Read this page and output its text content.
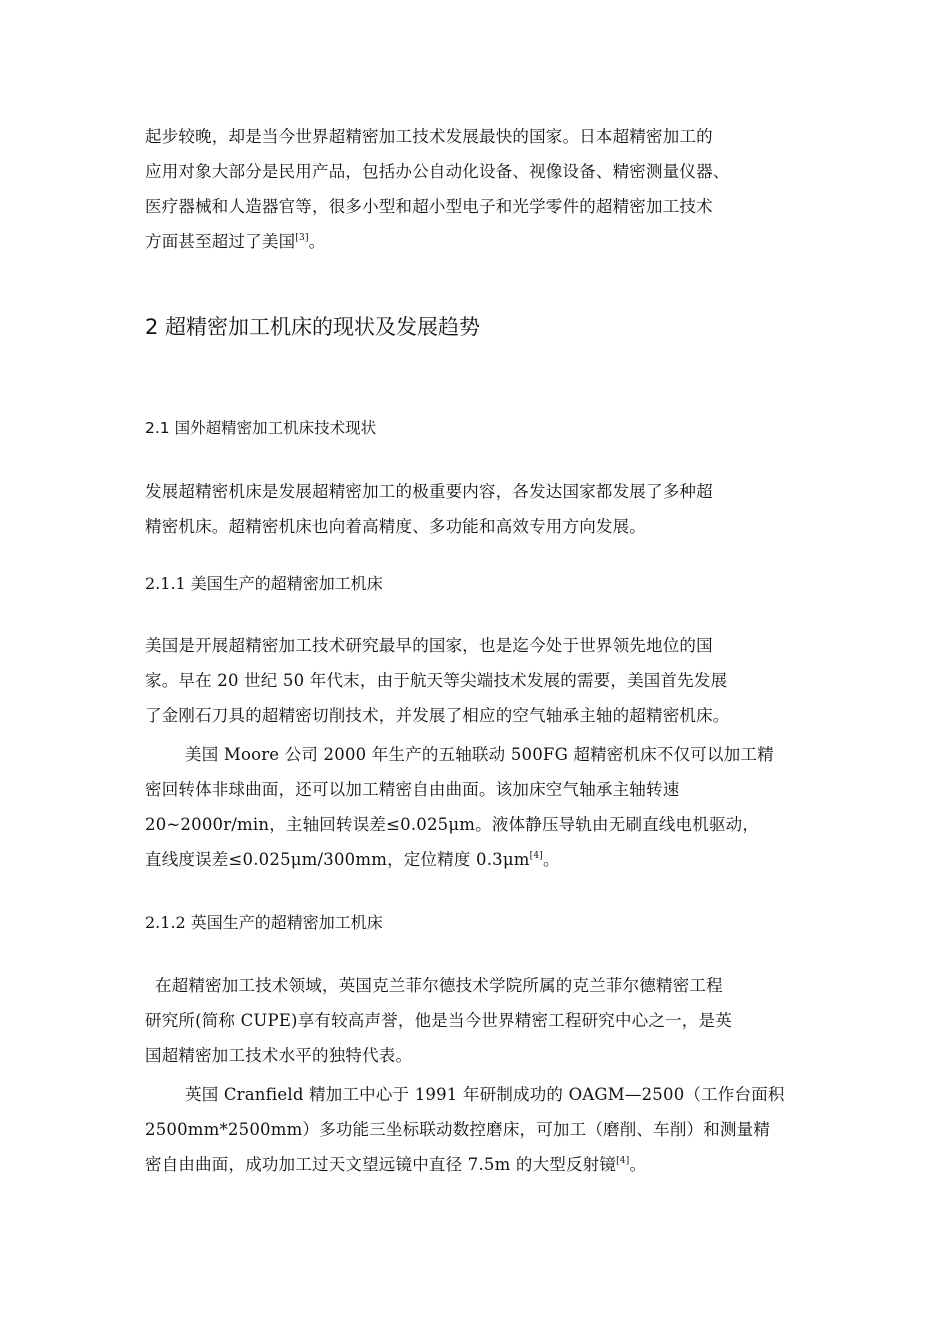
起步较晚，却是当今世界超精密加工技术发展最快的国家。日本超精密加工的
应用对象大部分是民用产品，包括办公自动化设备、视像设备、精密测量仪器、
医疗器械和人造器官等，很多小型和超小型电子和光学零件的超精密加工技术
方面甚至超过了美国[3]。
2 超精密加工机床的现状及发展趋势
2.1 国外超精密加工机床技术现状
发展超精密机床是发展超精密加工的极重要内容，各发达国家都发展了多种超
精密机床。超精密机床也向着高精度、多功能和高效专用方向发展。
2.1.1 美国生产的超精密加工机床
美国是开展超精密加工技术研究最早的国家，也是迄今处于世界领先地位的国
家。早在 20 世纪 50 年代末，由于航天等尖端技术发展的需要，美国首先发展
了金刚石刀具的超精密切削技术，并发展了相应的空气轴承主轴的超精密机床。
美国 Moore 公司 2000 年生产的五轴联动 500FG 超精密机床不仅可以加工精
密回转体非球曲面，还可以加工精密自由曲面。该加床空气轴承主轴转速
20~2000r/min，主轴回转误差≤0.025μm。液体静压导轨由无刷直线电机驱动，
直线度误差≤0.025μm/300mm，定位精度 0.3μm[4]。
2.1.2 英国生产的超精密加工机床
在超精密加工技术领域，英国克兰菲尔德技术学院所属的克兰菲尔德精密工程
研究所(简称 CUPE)享有较高声誉，他是当今世界精密工程研究中心之一，是英
国超精密加工技术水平的独特代表。
英国 Cranfield 精加工中心于 1991 年研制成功的 OAGM—2500（工作台面积
2500mm*2500mm）多功能三坐标联动数控磨床，可加工（磨削、车削）和测量精
密自由曲面，成功加工过天文望远镜中直径 7.5m 的大型反射镜[4]。
